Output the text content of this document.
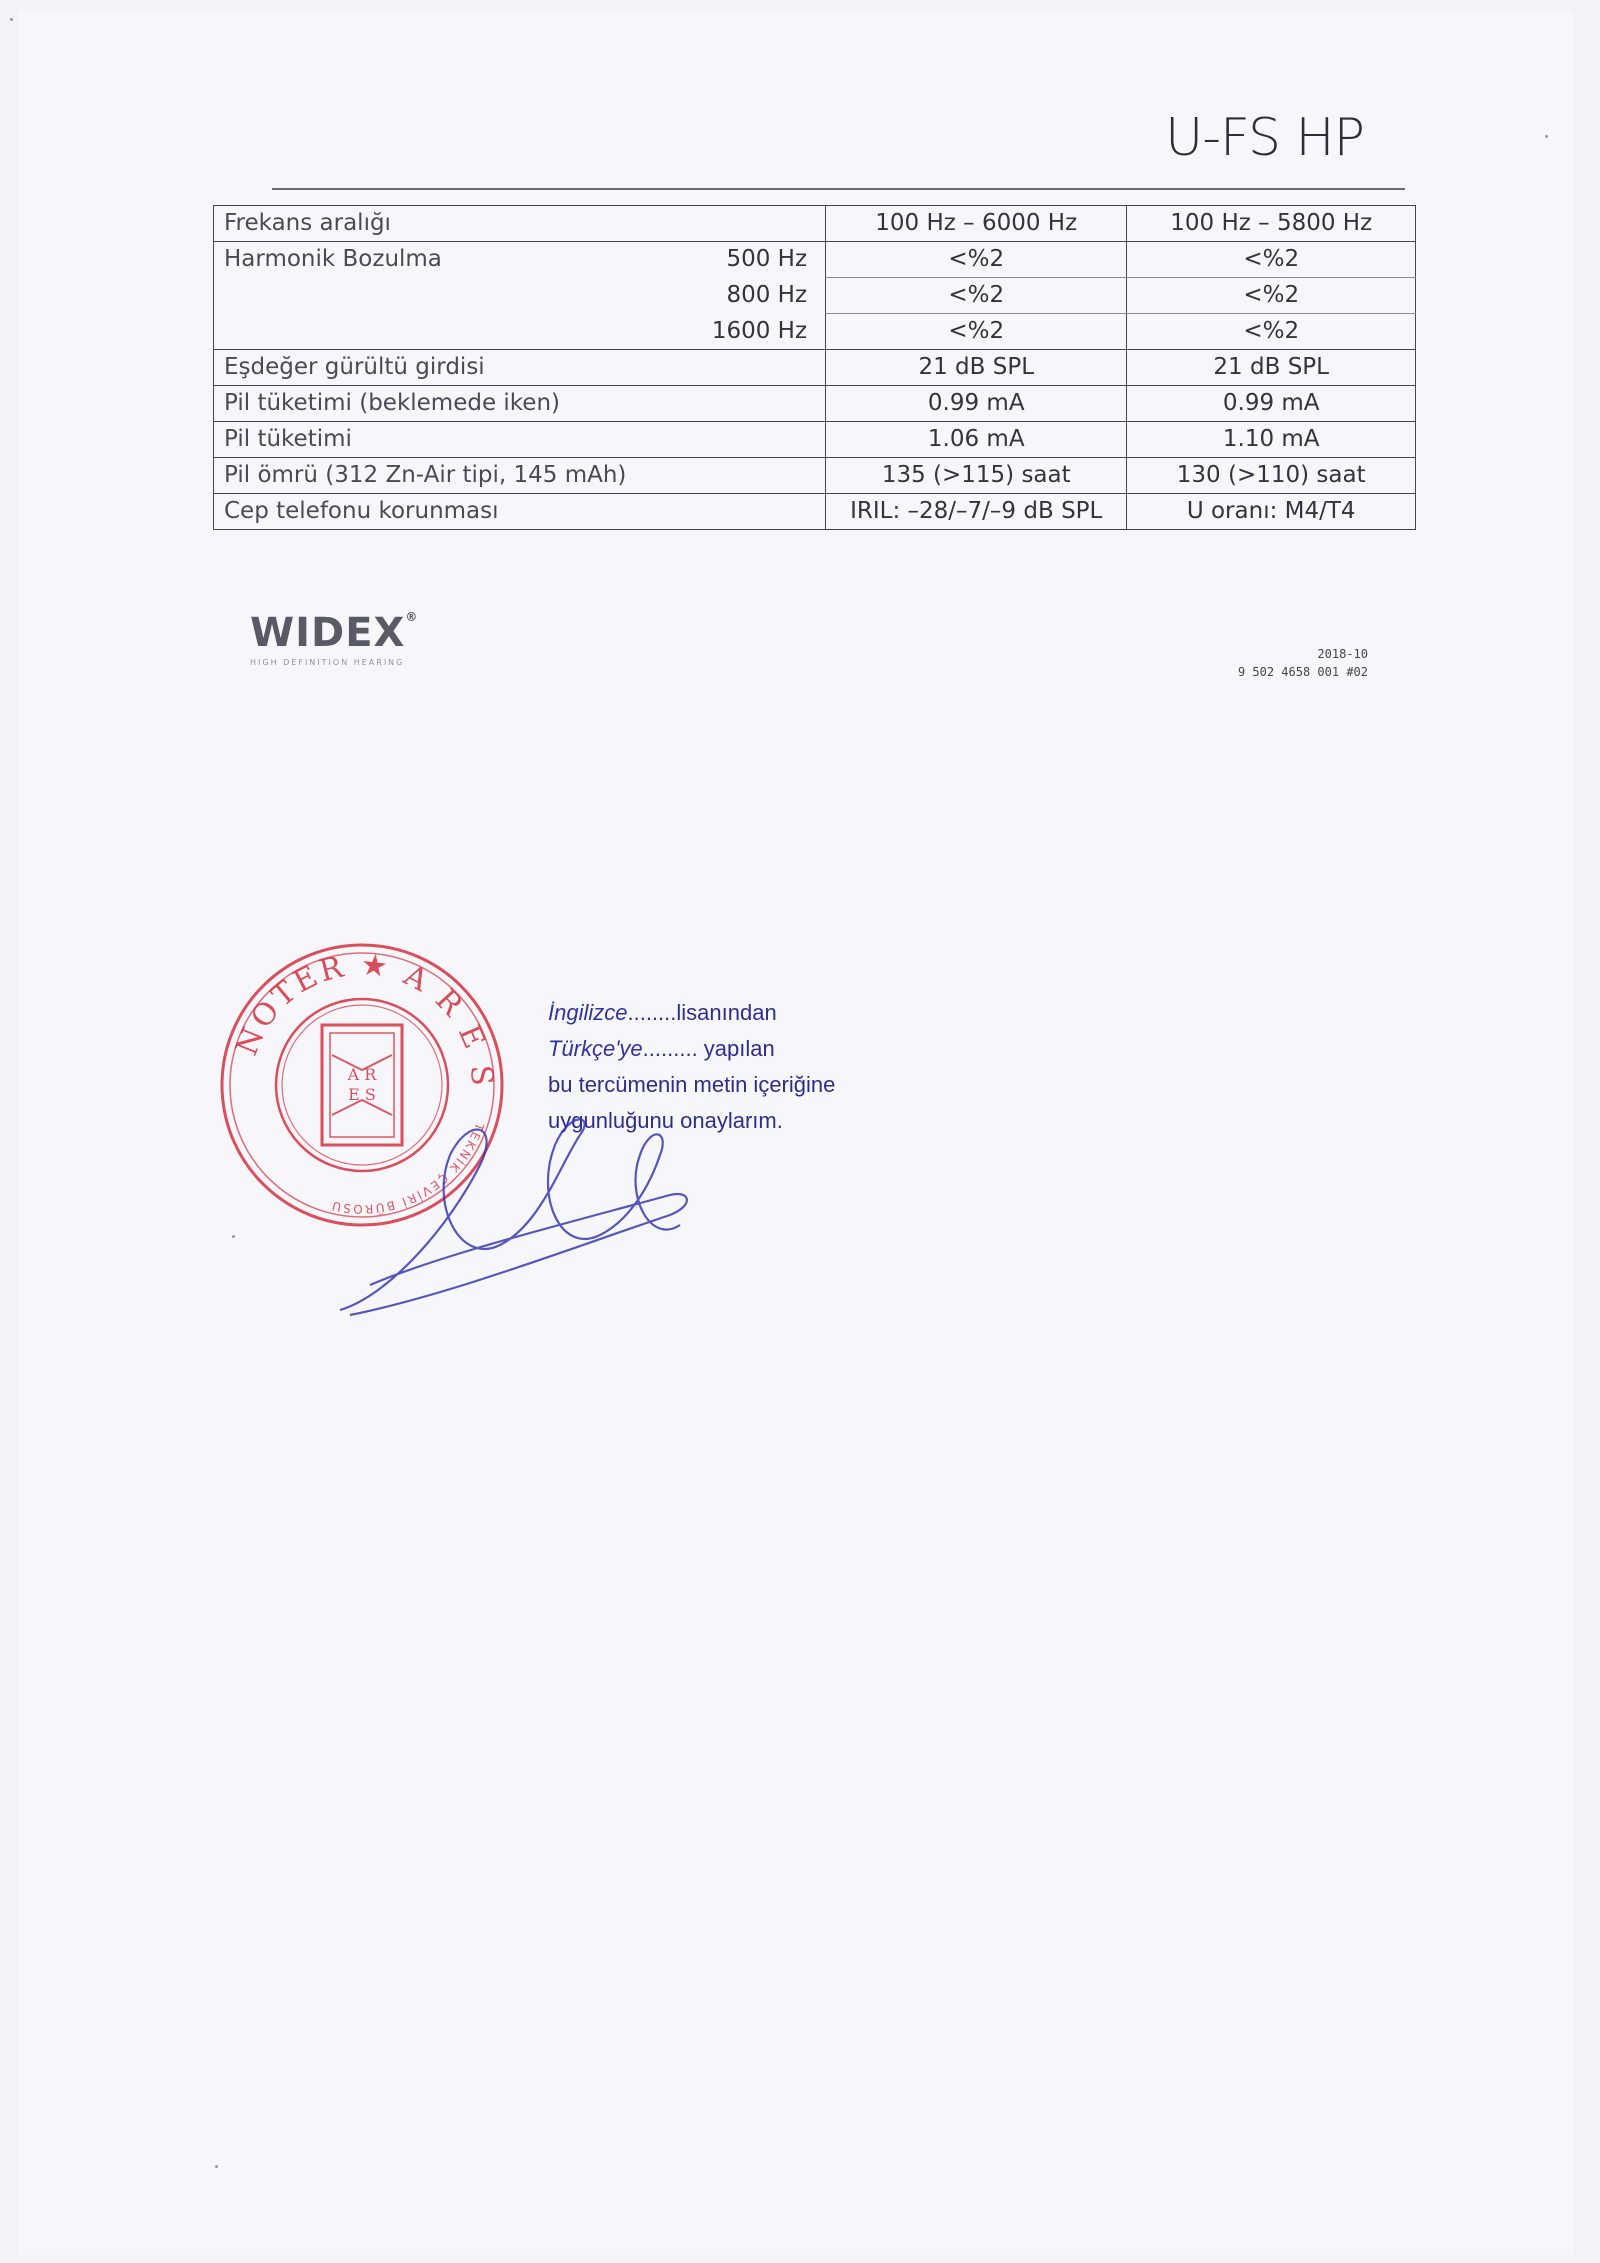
U-FS HP
Frekans aralığı		100 Hz – 6000 Hz	100 Hz – 5800 Hz
Harmonik Bozulma	500 Hz	<%2	<%2
	800 Hz	<%2	<%2
	1600 Hz	<%2	<%2
Eşdeğer gürültü girdisi		21 dB SPL	21 dB SPL
Pil tüketimi (beklemede iken)		0.99 mA	0.99 mA
Pil tüketimi		1.06 mA	1.10 mA
Pil ömrü (312 Zn-Air tipi, 145 mAh)		135 (>115) saat	130 (>110) saat
Cep telefonu korunması		IRIL: –28/–7/–9 dB SPL	U oranı: M4/T4
WIDEX®
HIGH DEFINITION HEARING
2018-10
9 502 4658 001 #02
A R
E S
NOTER ★ A R E S
TEKNİK ÇEVİRİ BÜROSU
İngilizce........lisanından
Türkçe'ye......... yapılan
bu tercümenin metin içeriğine
uygunluğunu onaylarım.
